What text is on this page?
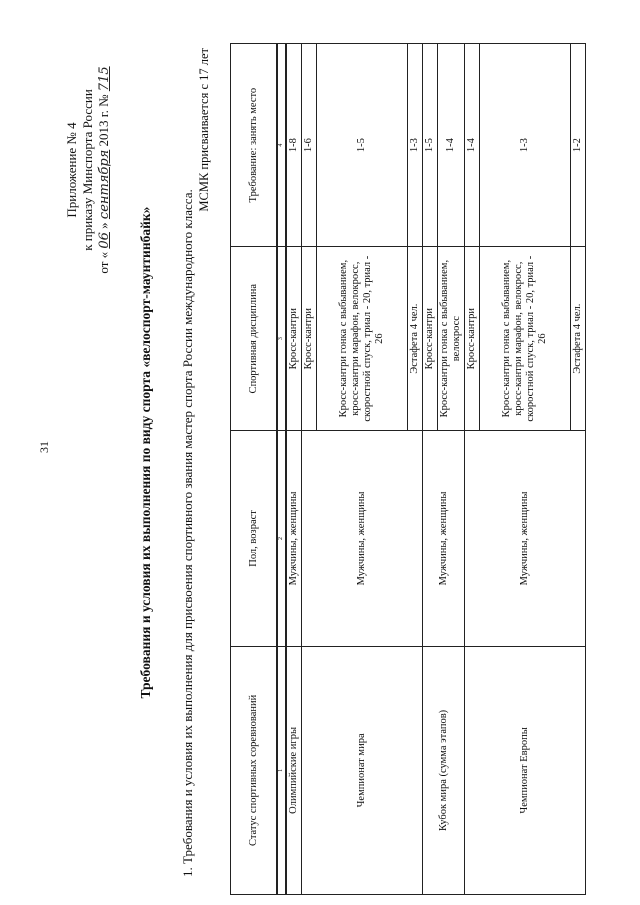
31
Приложение № 4 к приказу Минспорта России
от « 06 » сентября 2013 г. № 715
Требования и условия их выполнения по виду спорта «велоспорт-маунтинбайк» 1. Требования и условия их выполнения для присвоения спортивного звания мастер спорта России международного класса.
МСМК присваивается с 17 лет
Статус спортивных соревнований	Пол, возраст	Спортивная дисциплина	Требование: занять место
1	2	3	4
Олимпийские игры	Мужчины, женщины	Кросс-кантри	1-8
Чемпионат мира	Мужчины, женщины	Кросс-кантри	1-6
		Кросс-кантри гонка с выбыванием, кросс-кантри марафон, велокросс, скоростной спуск, триал - 20, триал - 26	1-5
		Эстафета 4 чел.	1-3
Кубок мира (сумма этапов)	Мужчины, женщины	Кросс-кантри	1-5
		Кросс-кантри гонка с выбыванием, велокросс	1-4
Чемпионат Европы	Мужчины, женщины	Кросс-кантри	1-4
		Кросс-кантри гонка с выбыванием, кросс-кантри марафон, велокросс, скоростной спуск, триал - 20, триал - 26	1-3
		Эстафета 4 чел.	1-2
